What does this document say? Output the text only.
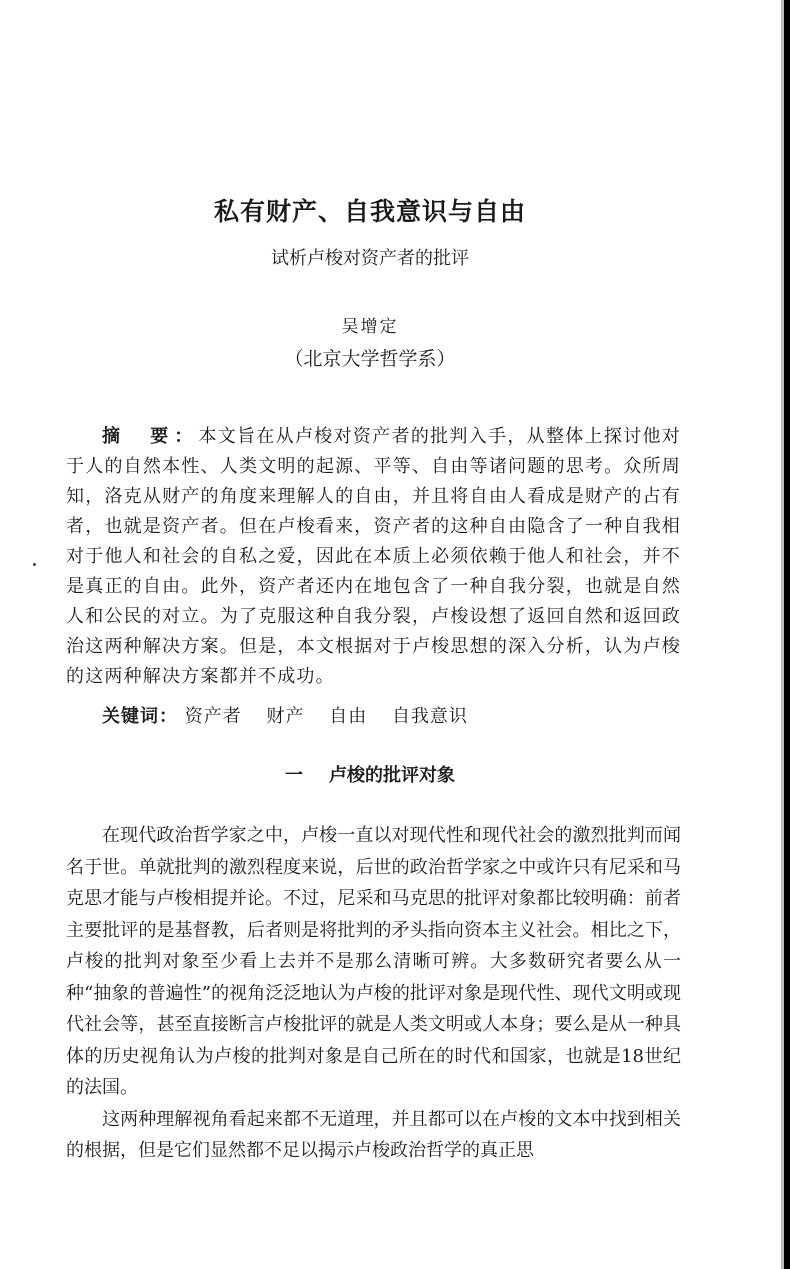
私有财产、自我意识与自由
试析卢梭对资产者的批评
吴增定
（北京大学哲学系）
摘　要：本文旨在从卢梭对资产者的批判入手，从整体上探讨他对于人的自然本性、人类文明的起源、平等、自由等诸问题的思考。众所周知，洛克从财产的角度来理解人的自由，并且将自由人看成是财产的占有者，也就是资产者。但在卢梭看来，资产者的这种自由隐含了一种自我相对于他人和社会的自私之爱，因此在本质上必须依赖于他人和社会，并不是真正的自由。此外，资产者还内在地包含了一种自我分裂，也就是自然人和公民的对立。为了克服这种自我分裂，卢梭设想了返回自然和返回政治这两种解决方案。但是，本文根据对于卢梭思想的深入分析，认为卢梭的这两种解决方案都并不成功。
关键词： 资产者 财产 自由 自我意识
一 卢梭的批评对象

在现代政治哲学家之中，卢梭一直以对现代性和现代社会的激烈批判而闻名于世。单就批判的激烈程度来说，后世的政治哲学家之中或许只有尼采和马克思才能与卢梭相提并论。不过，尼采和马克思的批评对象都比较明确：前者主要批评的是基督教，后者则是将批判的矛头指向资本主义社会。相比之下，卢梭的批判对象至少看上去并不是那么清晰可辨。大多数研究者要么从一种“抽象的普遍性”的视角泛泛地认为卢梭的批评对象是现代性、现代文明或现代社会等，甚至直接断言卢梭批评的就是人类文明或人本身；要么是从一种具体的历史视角认为卢梭的批判对象是自己所在的时代和国家，也就是18世纪的法国。

这两种理解视角看起来都不无道理，并且都可以在卢梭的文本中找到相关的根据，但是它们显然都不足以揭示卢梭政治哲学的真正思
